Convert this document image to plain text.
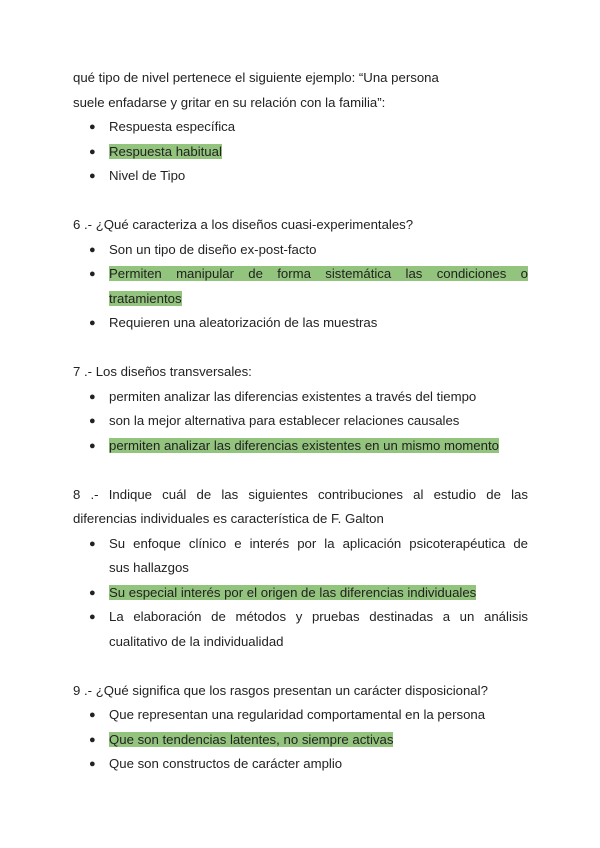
qué tipo de nivel pertenece el siguiente ejemplo: “Una persona

suele enfadarse y gritar en su relación con la familia”:

● Respuesta específica
● Respuesta habitual
● Nivel de Tipo

6 .- ¿Qué caracteriza a los diseños cuasi-experimentales?

● Son un tipo de diseño ex-post-facto
● Permiten manipular de forma sistemática las condiciones o
tratamientos
● Requieren una aleatorización de las muestras

7 .- Los diseños transversales:

● permiten analizar las diferencias existentes a través del tiempo
● son la mejor alternativa para establecer relaciones causales
● permiten analizar las diferencias existentes en un mismo momento

8 .- Indique cuál de las siguientes contribuciones al estudio de las

diferencias individuales es característica de F. Galton

● Su enfoque clínico e interés por la aplicación psicoterapéutica de
sus hallazgos
● Su especial interés por el origen de las diferencias individuales
● La elaboración de métodos y pruebas destinadas a un análisis
cualitativo de la individualidad

9 .- ¿Qué significa que los rasgos presentan un carácter disposicional?

● Que representan una regularidad comportamental en la persona
● Que son tendencias latentes, no siempre activas
● Que son constructos de carácter amplio
